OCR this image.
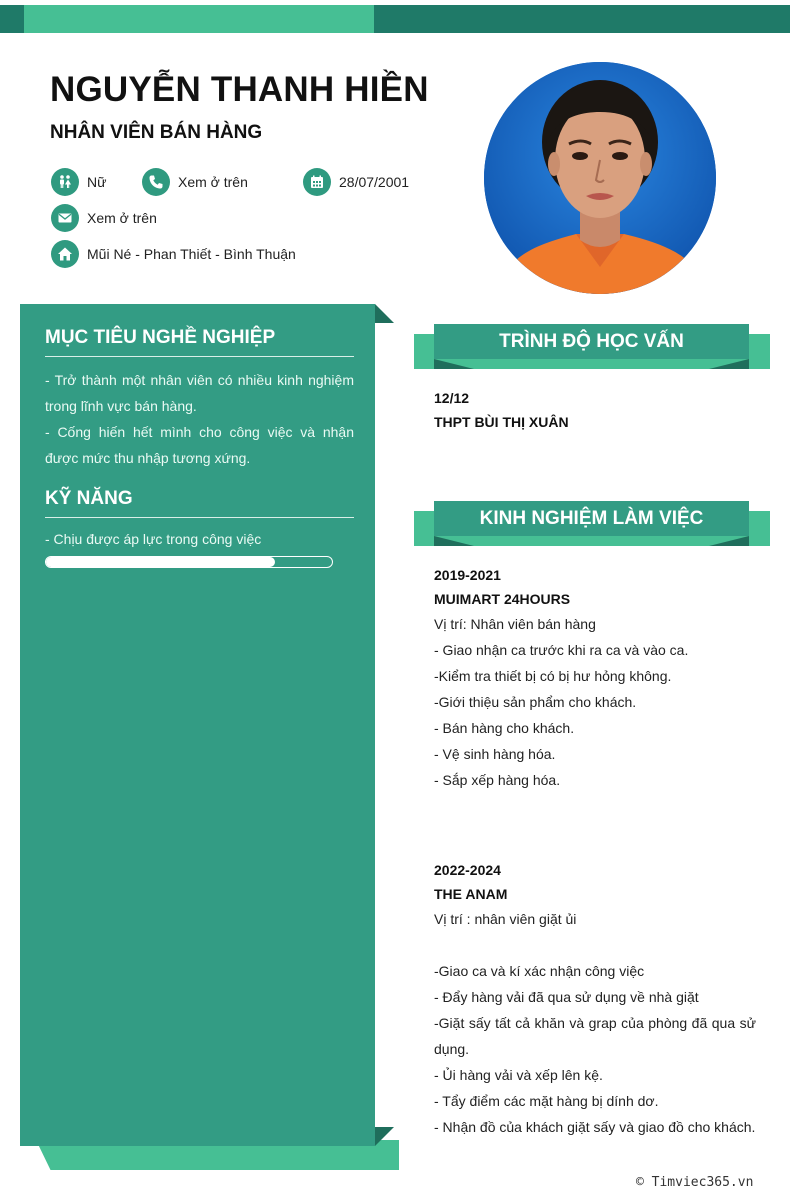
NGUYỄN THANH HIỀN
NHÂN VIÊN BÁN HÀNG
Nữ	Xem ở trên	28/07/2001
Xem ở trên
Mũi Né - Phan Thiết - Bình Thuận
MỤC TIÊU NGHỀ NGHIỆP

- Trở thành một nhân viên có nhiều kinh nghiệm trong lĩnh vực bán hàng.

- Cống hiến hết mình cho công việc và nhận được mức thu nhập tương xứng.

KỸ NĂNG
- Chịu được áp lực trong công việc
TRÌNH ĐỘ HỌC VẤN
12/12
THPT BÙI THỊ XUÂN
KINH NGHIỆM LÀM VIỆC
2019-2021
MUIMART 24HOURS
Vị trí: Nhân viên bán hàng
- Giao nhận ca trước khi ra ca và vào ca.
-Kiểm tra thiết bị có bị hư hỏng không.
-Giới thiệu sản phẩm cho khách.
- Bán hàng cho khách.
- Vệ sinh hàng hóa.
- Sắp xếp hàng hóa.
2022-2024
THE ANAM
Vị trí : nhân viên giặt ủi
-Giao ca và kí xác nhận công việc
- Đẩy hàng vải đã qua sử dụng về nhà giặt
-Giặt sấy tất cả khăn và grap của phòng đã qua sử dụng.
- Ủi hàng vải và xếp lên kệ.
- Tẩy điểm các mặt hàng bị dính dơ.
- Nhận đồ của khách giặt sấy và giao đồ cho khách.
© Timviec365.vn
